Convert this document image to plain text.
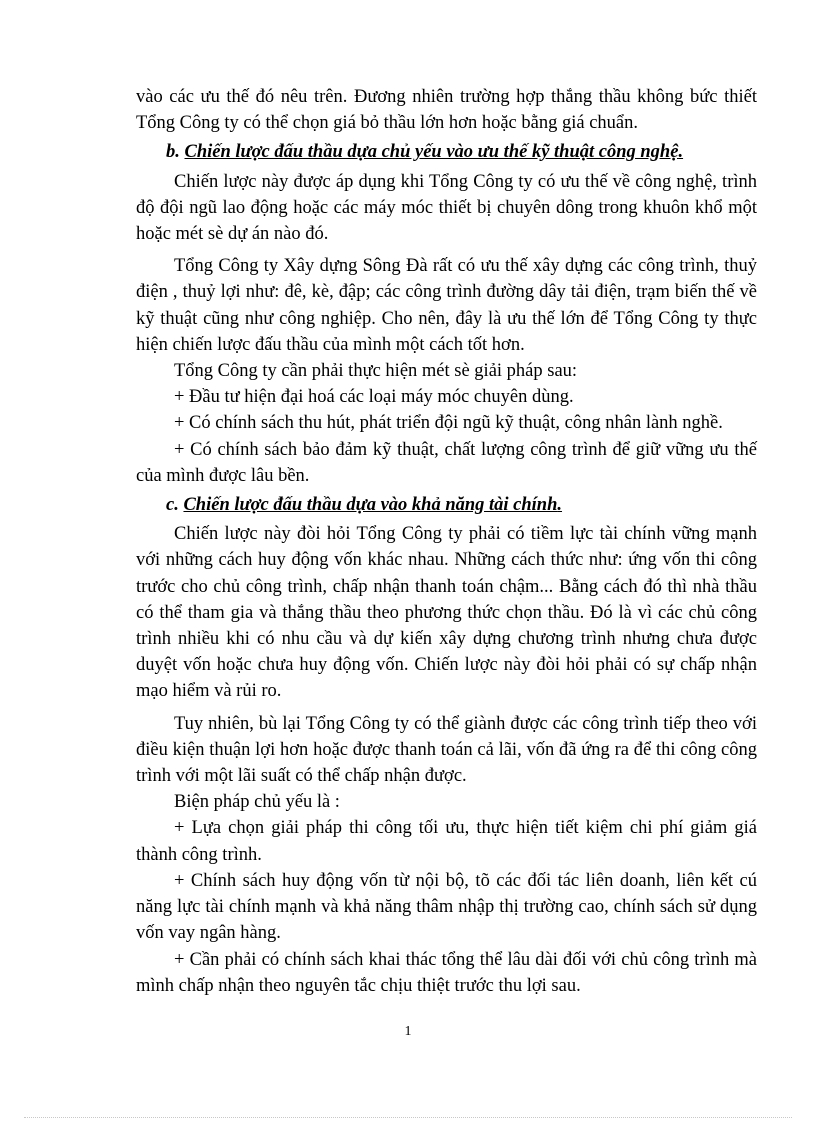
vào các ưu thế đó nêu trên. Đương nhiên trường hợp thắng thầu không bức thiết Tổng Công ty có thể chọn giá bỏ thầu lớn hơn hoặc bằng giá chuẩn.

b. Chiến lược đấu thầu dựa chủ yếu vào ưu thế kỹ thuật công nghệ.

Chiến lược này được áp dụng khi Tổng Công ty có ưu thế về công nghệ, trình độ đội ngũ lao động hoặc các máy móc thiết bị chuyên dông trong khuôn khổ một hoặc mét sè dự án nào đó.

Tổng Công ty Xây dựng Sông Đà rất có ưu thế xây dựng các công trình, thuỷ điện , thuỷ lợi như: đê, kè, đập; các công trình đường dây tải điện, trạm biến thế về kỹ thuật cũng như công nghiệp. Cho nên, đây là ưu thế lớn để Tổng Công ty thực hiện chiến lược đấu thầu của mình một cách tốt hơn.

Tổng Công ty cần phải thực hiện mét sè giải pháp sau:

+ Đầu tư hiện đại hoá các loại máy móc chuyên dùng.

+ Có chính sách thu hút, phát triển đội ngũ kỹ thuật, công nhân lành nghề.

+ Có chính sách bảo đảm kỹ thuật, chất lượng công trình để giữ vững ưu thế của mình được lâu bền.

c. Chiến lược đấu thầu dựa vào khả năng tài chính.

Chiến lược này đòi hỏi Tổng Công ty phải có tiềm lực tài chính vững mạnh với những cách huy động vốn khác nhau. Những cách thức như: ứng vốn thi công trước cho chủ công trình, chấp nhận thanh toán chậm... Bằng cách đó thì nhà thầu có thể tham gia và thắng thầu theo phương thức chọn thầu. Đó là vì các chủ công trình nhiều khi có nhu cầu và dự kiến xây dựng chương trình nhưng chưa được duyệt vốn hoặc chưa huy động vốn. Chiến lược này đòi hỏi phải có sự chấp nhận mạo hiểm và rủi ro.

Tuy nhiên, bù lại Tổng Công ty có thể giành được các công trình tiếp theo với điều kiện thuận lợi hơn hoặc được thanh toán cả lãi, vốn đã ứng ra để thi công công trình với một lãi suất có thể chấp nhận được.

Biện pháp chủ yếu là :

+ Lựa chọn giải pháp thi công tối ưu, thực hiện tiết kiệm chi phí giảm giá thành công trình.

+ Chính sách huy động vốn từ nội bộ, tõ các đối tác liên doanh, liên kết cú năng lực tài chính mạnh và khả năng thâm nhập thị trường cao, chính sách sử dụng vốn vay ngân hàng.

+ Cần phải có chính sách khai thác tổng thể lâu dài đối với chủ công trình mà mình chấp nhận theo nguyên tắc chịu thiệt trước thu lợi sau.

1
